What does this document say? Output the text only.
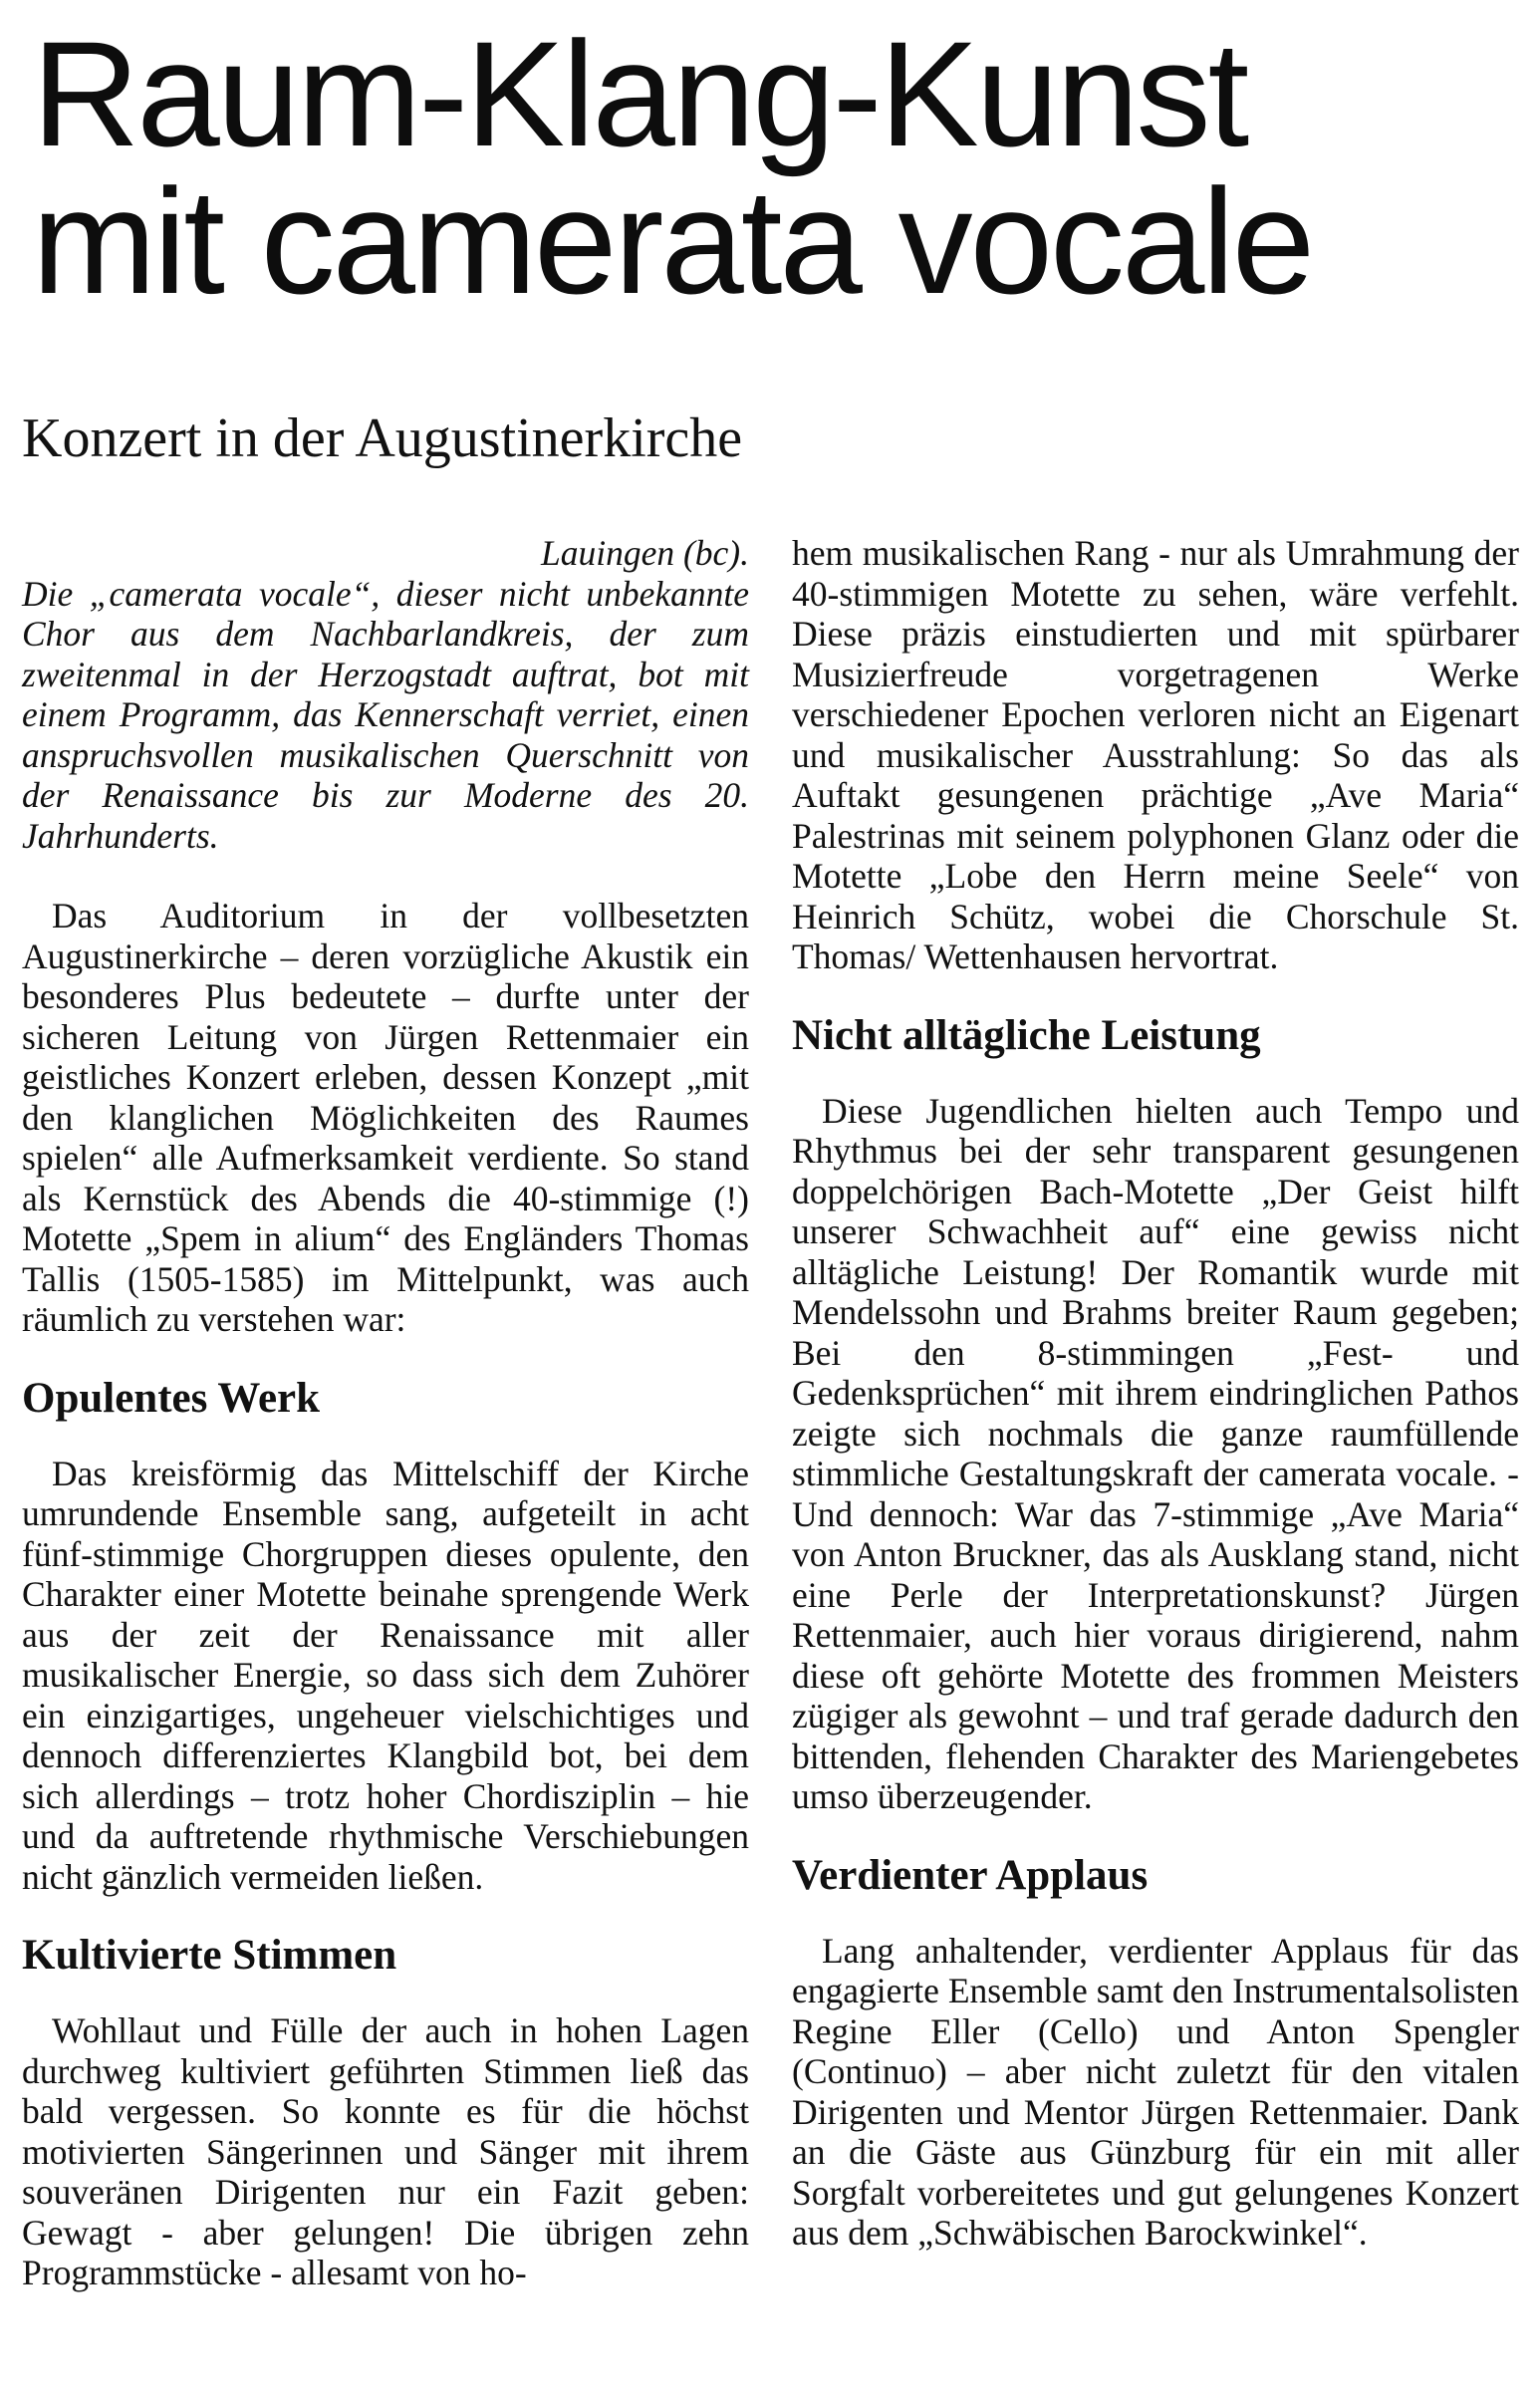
Raum-Klang-Kunst
mit camerata vocale
Konzert in der Augustinerkirche

Lauingen (bc).
Die „camerata vocale“, dieser nicht unbekannte Chor aus dem Nachbarlandkreis, der zum zweitenmal in der Herzogstadt auftrat, bot mit einem Programm, das Kennerschaft verriet, einen anspruchsvollen musikalischen Querschnitt von der Renaissance bis zur Moderne des 20. Jahrhunderts.

Das Auditorium in der vollbesetzten Augustinerkirche – deren vorzügliche Akustik ein besonderes Plus bedeutete – durfte unter der sicheren Leitung von Jürgen Rettenmaier ein geistliches Konzert erleben, dessen Konzept „mit den klanglichen Möglichkeiten des Raumes spielen“ alle Aufmerksamkeit verdiente. So stand als Kernstück des Abends die 40-stimmige (!) Motette „Spem in alium“ des Engländers Thomas Tallis (1505-1585) im Mittelpunkt, was auch räumlich zu verstehen war:

Opulentes Werk

Das kreisförmig das Mittelschiff der Kirche umrundende Ensemble sang, aufgeteilt in acht fünf-stimmige Chorgruppen dieses opulente, den Charakter einer Motette beinahe sprengende Werk aus der zeit der Renaissance mit aller musikalischer Energie, so dass sich dem Zuhörer ein einzigartiges, ungeheuer vielschichtiges und dennoch differenziertes Klangbild bot, bei dem sich allerdings – trotz hoher Chordisziplin – hie und da auftretende rhythmische Verschiebungen nicht gänzlich vermeiden ließen.

Kultivierte Stimmen

Wohllaut und Fülle der auch in hohen Lagen durchweg kultiviert geführten Stimmen ließ das bald vergessen. So konnte es für die höchst motivierten Sängerinnen und Sänger mit ihrem souveränen Dirigenten nur ein Fazit geben: Gewagt - aber gelungen! Die übrigen zehn Programmstücke - allesamt von ho-

hem musikalischen Rang - nur als Umrahmung der 40-stimmigen Motette zu sehen, wäre verfehlt. Diese präzis einstudierten und mit spürbarer Musizierfreude vorgetragenen Werke verschiedener Epochen verloren nicht an Eigenart und musikalischer Ausstrahlung: So das als Auftakt gesungenen prächtige „Ave Maria“ Palestrinas mit seinem polyphonen Glanz oder die Motette „Lobe den Herrn meine Seele“ von Heinrich Schütz, wobei die Chorschule St. Thomas/ Wettenhausen hervortrat.

Nicht alltägliche Leistung

Diese Jugendlichen hielten auch Tempo und Rhythmus bei der sehr transparent gesungenen doppelchörigen Bach-Motette „Der Geist hilft unserer Schwachheit auf“ eine gewiss nicht alltägliche Leistung! Der Romantik wurde mit Mendelssohn und Brahms breiter Raum gegeben; Bei den 8-stimmingen „Fest- und Gedenksprüchen“ mit ihrem eindringlichen Pathos zeigte sich nochmals die ganze raumfüllende stimmliche Gestaltungskraft der camerata vocale. - Und dennoch: War das 7-stimmige „Ave Maria“ von Anton Bruckner, das als Ausklang stand, nicht eine Perle der Interpretationskunst? Jürgen Rettenmaier, auch hier voraus dirigierend, nahm diese oft gehörte Motette des frommen Meisters zügiger als gewohnt – und traf gerade dadurch den bittenden, flehenden Charakter des Mariengebetes umso überzeugender.

Verdienter Applaus

Lang anhaltender, verdienter Applaus für das engagierte Ensemble samt den Instrumentalsolisten Regine Eller (Cello) und Anton Spengler (Continuo) – aber nicht zuletzt für den vitalen Dirigenten und Mentor Jürgen Rettenmaier. Dank an die Gäste aus Günzburg für ein mit aller Sorgfalt vorbereitetes und gut gelungenes Konzert aus dem „Schwäbischen Barockwinkel“.
